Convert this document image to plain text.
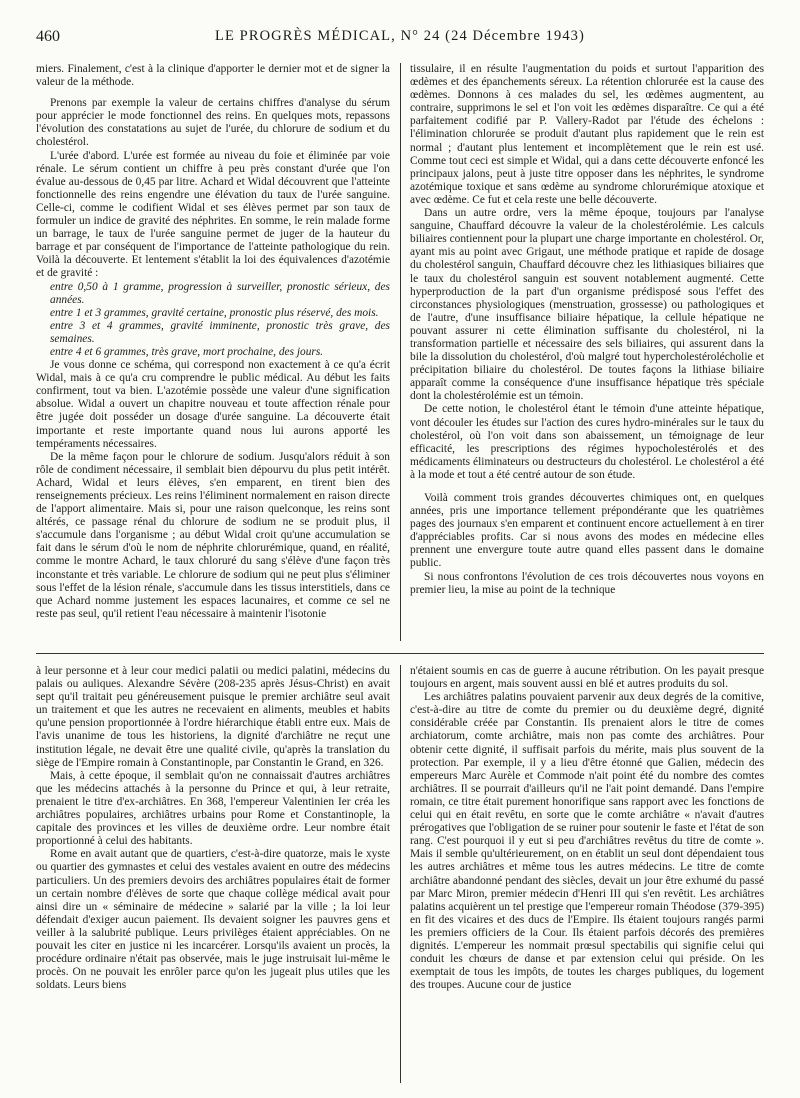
460	LE PROGRÈS MÉDICAL, N° 24 (24 Décembre 1943)

miers. Finalement, c'est à la clinique d'apporter le dernier mot et de signer la valeur de la méthode.

Prenons par exemple la valeur de certains chiffres d'analyse du sérum pour apprécier le mode fonctionnel des reins. En quelques mots, repassons l'évolution des constatations au sujet de l'urée, du chlorure de sodium et du cholestérol.

L'urée d'abord. L'urée est formée au niveau du foie et éliminée par voie rénale. Le sérum contient un chiffre à peu près constant d'urée que l'on évalue au-dessous de 0,45 par litre. Achard et Widal découvrent que l'atteinte fonctionnelle des reins engendre une élévation du taux de l'urée sanguine. Celle-ci, comme le codifient Widal et ses élèves permet par son taux de formuler un indice de gravité des néphrites. En somme, le rein malade forme un barrage, le taux de l'urée sanguine permet de juger de la hauteur du barrage et par conséquent de l'importance de l'atteinte pathologique du rein. Voilà la découverte. Et lentement s'établit la loi des équivalences d'azotémie et de gravité :

entre 0,50 à 1 gramme, progression à surveiller, pronostic sérieux, des années.

entre 1 et 3 grammes, gravité certaine, pronostic plus réservé, des mois.

entre 3 et 4 grammes, gravité imminente, pronostic très grave, des semaines.

entre 4 et 6 grammes, très grave, mort prochaine, des jours.

Je vous donne ce schéma, qui correspond non exactement à ce qu'a écrit Widal, mais à ce qu'a cru comprendre le public médical. Au début les faits confirment, tout va bien. L'azotémie possède une valeur d'une signification absolue. Widal a ouvert un chapitre nouveau et toute affection rénale pour être jugée doit posséder un dosage d'urée sanguine. La découverte était importante et reste importante quand nous lui aurons apporté les tempéraments nécessaires.

De la même façon pour le chlorure de sodium. Jusqu'alors réduit à son rôle de condiment nécessaire, il semblait bien dépourvu du plus petit intérêt. Achard, Widal et leurs élèves, s'en emparent, en tirent bien des renseignements précieux. Les reins l'éliminent normalement en raison directe de l'apport alimentaire. Mais si, pour une raison quelconque, les reins sont altérés, ce passage rénal du chlorure de sodium ne se produit plus, il s'accumule dans l'organisme ; au début Widal croit qu'une accumulation se fait dans le sérum d'où le nom de néphrite chlorurémique, quand, en réalité, comme le montre Achard, le taux chloruré du sang s'élève d'une façon très inconstante et très variable. Le chlorure de sodium qui ne peut plus s'éliminer sous l'effet de la lésion rénale, s'accumule dans les tissus interstitiels, dans ce que Achard nomme justement les espaces lacunaires, et comme ce sel ne reste pas seul, qu'il retient l'eau nécessaire à maintenir l'isotonie

tissulaire, il en résulte l'augmentation du poids et surtout l'apparition des œdèmes et des épanchements séreux. La rétention chlorurée est la cause des œdèmes. Donnons à ces malades du sel, les œdèmes augmentent, au contraire, supprimons le sel et l'on voit les œdèmes disparaître. Ce qui a été parfaitement codifié par P. Vallery-Radot par l'étude des échelons : l'élimination chlorurée se produit d'autant plus rapidement que le rein est normal ; d'autant plus lentement et incomplètement que le rein est usé. Comme tout ceci est simple et Widal, qui a dans cette découverte enfoncé les principaux jalons, peut à juste titre opposer dans les néphrites, le syndrome azotémique toxique et sans œdème au syndrome chlorurémique atoxique et avec œdème. Ce fut et cela reste une belle découverte.

Dans un autre ordre, vers la même époque, toujours par l'analyse sanguine, Chauffard découvre la valeur de la cholestérolémie. Les calculs biliaires contiennent pour la plupart une charge importante en cholestérol. Or, ayant mis au point avec Grigaut, une méthode pratique et rapide de dosage du cholestérol sanguin, Chauffard découvre chez les lithiasiques biliaires que le taux du cholestérol sanguin est souvent notablement augmenté. Cette hyperproduction de la part d'un organisme prédisposé sous l'effet des circonstances physiologiques (menstruation, grossesse) ou pathologiques et de l'autre, d'une insuffisance biliaire hépatique, la cellule hépatique ne pouvant assurer ni cette élimination suffisante du cholestérol, ni la transformation partielle et nécessaire des sels biliaires, qui assurent dans la bile la dissolution du cholestérol, d'où malgré tout hypercholestérolécholie et précipitation biliaire du cholestérol. De toutes façons la lithiase biliaire apparaît comme la conséquence d'une insuffisance hépatique très spéciale dont la cholestérolémie est un témoin.

De cette notion, le cholestérol étant le témoin d'une atteinte hépatique, vont découler les études sur l'action des cures hydro-minérales sur le taux du cholestérol, où l'on voit dans son abaissement, un témoignage de leur efficacité, les prescriptions des régimes hypocholestérolés et des médicaments éliminateurs ou destructeurs du cholestérol. Le cholestérol a été à la mode et tout a été centré autour de son étude.

Voilà comment trois grandes découvertes chimiques ont, en quelques années, pris une importance tellement prépondérante que les quatrièmes pages des journaux s'en emparent et continuent encore actuellement à en tirer d'appréciables profits. Car si nous avons des modes en médecine elles prennent une envergure toute autre quand elles passent dans le domaine public.

Si nous confrontons l'évolution de ces trois découvertes nous voyons en premier lieu, la mise au point de la technique

à leur personne et à leur cour medici palatii ou medici palatini, médecins du palais ou auliques. Alexandre Sévère (208-235 après Jésus-Christ) en avait sept qu'il traitait peu généreusement puisque le premier archiâtre seul avait un traitement et que les autres ne recevaient en aliments, meubles et habits qu'une pension proportionnée à l'ordre hiérarchique établi entre eux. Mais de l'avis unanime de tous les historiens, la dignité d'archiâtre ne reçut une institution légale, ne devait être une qualité civile, qu'après la translation du siège de l'Empire romain à Constantinople, par Constantin le Grand, en 326.

Mais, à cette époque, il semblait qu'on ne connaissait d'autres archiâtres que les médecins attachés à la personne du Prince et qui, à leur retraite, prenaient le titre d'ex-archiâtres. En 368, l'empereur Valentinien Ier créa les archiâtres populaires, archiâtres urbains pour Rome et Constantinople, la capitale des provinces et les villes de deuxième ordre. Leur nombre était proportionné à celui des habitants.

Rome en avait autant que de quartiers, c'est-à-dire quatorze, mais le xyste ou quartier des gymnastes et celui des vestales avaient en outre des médecins particuliers. Un des premiers devoirs des archiâtres populaires était de former un certain nombre d'élèves de sorte que chaque collège médical avait pour ainsi dire un « séminaire de médecine » salarié par la ville ; la loi leur défendait d'exiger aucun paiement. Ils devaient soigner les pauvres gens et veiller à la salubrité publique. Leurs privilèges étaient appréciables. On ne pouvait les citer en justice ni les incarcérer. Lorsqu'ils avaient un procès, la procédure ordinaire n'était pas observée, mais le juge instruisait lui-même le procès. On ne pouvait les enrôler parce qu'on les jugeait plus utiles que les soldats. Leurs biens

n'étaient soumis en cas de guerre à aucune rétribution. On les payait presque toujours en argent, mais souvent aussi en blé et autres produits du sol.

Les archiâtres palatins pouvaient parvenir aux deux degrés de la comitive, c'est-à-dire au titre de comte du premier ou du deuxième degré, dignité considérable créée par Constantin. Ils prenaient alors le titre de comes archiatorum, comte archiâtre, mais non pas comte des archiâtres. Pour obtenir cette dignité, il suffisait parfois du mérite, mais plus souvent de la protection. Par exemple, il y a lieu d'être étonné que Galien, médecin des empereurs Marc Aurèle et Commode n'ait point été du nombre des comtes archiâtres. Il se pourrait d'ailleurs qu'il ne l'ait point demandé. Dans l'empire romain, ce titre était purement honorifique sans rapport avec les fonctions de celui qui en était revêtu, en sorte que le comte archiâtre « n'avait d'autres prérogatives que l'obligation de se ruiner pour soutenir le faste et l'état de son rang. C'est pourquoi il y eut si peu d'archiâtres revêtus du titre de comte ». Mais il semble qu'ultérieurement, on en établit un seul dont dépendaient tous les autres archiâtres et même tous les autres médecins. Le titre de comte archiâtre abandonné pendant des siècles, devait un jour être exhumé du passé par Marc Miron, premier médecin d'Henri III qui s'en revêtit. Les archiâtres palatins acquièrent un tel prestige que l'empereur romain Théodose (379-395) en fit des vicaires et des ducs de l'Empire. Ils étaient toujours rangés parmi les premiers officiers de la Cour. Ils étaient parfois décorés des premières dignités. L'empereur les nommait prœsul spectabilis qui signifie celui qui conduit les chœurs de danse et par extension celui qui préside. On les exemptait de tous les impôts, de toutes les charges publiques, du logement des troupes. Aucune cour de justice
